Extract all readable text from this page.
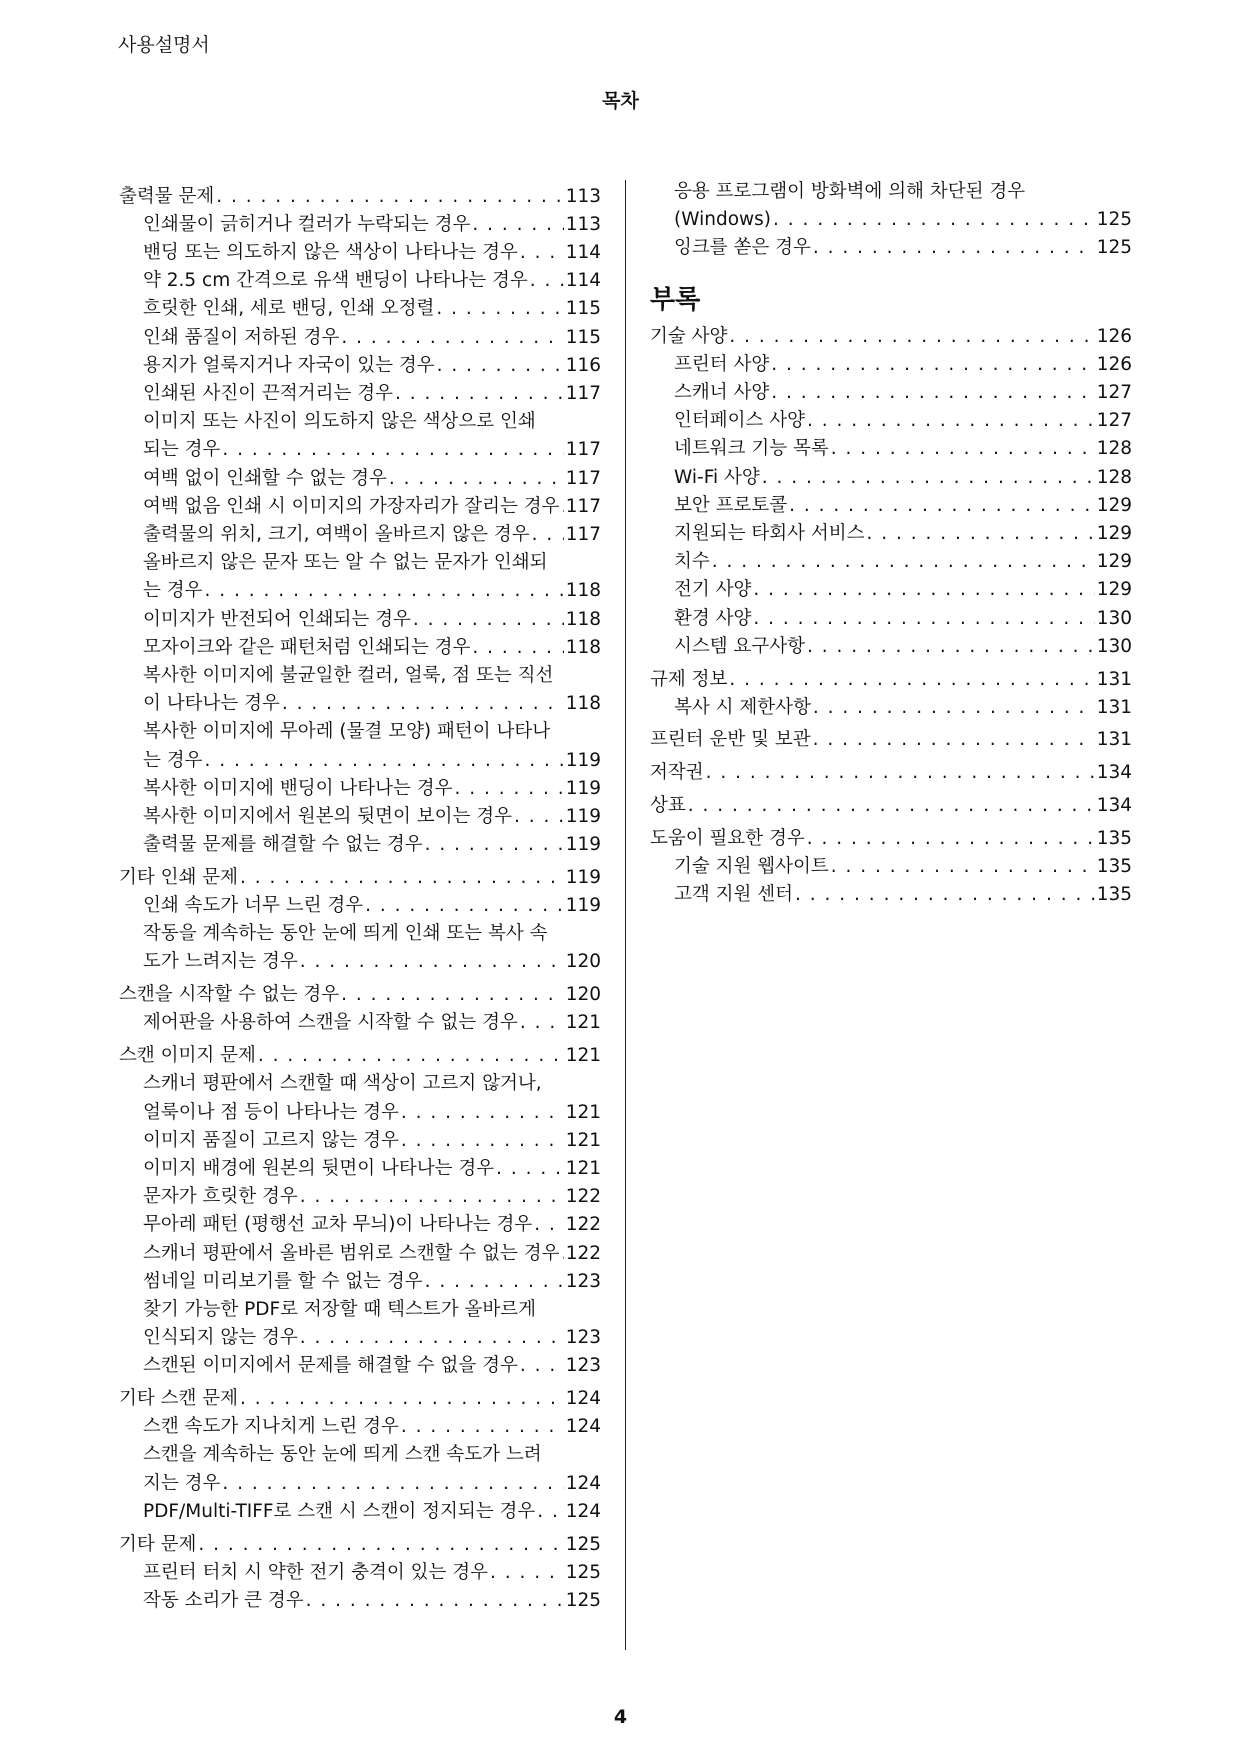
사용설명서
목차
출력물 문제 . . .	113
인쇄물이 긁히거나 컬러가 누락되는 경우 . . .	113
밴딩 또는 의도하지 않은 색상이 나타나는 경우 . . .	114
약 2.5 cm 간격으로 유색 밴딩이 나타나는 경우 . . . 114
흐릿한 인쇄, 세로 밴딩, 인쇄 오정렬 . . .	115
인쇄 품질이 저하된 경우 . . .	115
용지가 얼룩지거나 자국이 있는 경우 . . .	116
인쇄된 사진이 끈적거리는 경우 . . .	117
이미지 또는 사진이 의도하지 않은 색상으로 인쇄
되는 경우 . . .	117
여백 없이 인쇄할 수 없는 경우 . . .	117
여백 없음 인쇄 시 이미지의 가장자리가 잘리는 경우 . . . 117
출력물의 위치, 크기, 여백이 올바르지 않은 경우 . . . 117
올바르지 않은 문자 또는 알 수 없는 문자가 인쇄되
는 경우 . . .	118
이미지가 반전되어 인쇄되는 경우 . . .	118
모자이크와 같은 패턴처럼 인쇄되는 경우 . . .	118
복사한 이미지에 불균일한 컬러, 얼룩, 점 또는 직선
이 나타나는 경우 . . .	118
복사한 이미지에 무아레 (물결 모양) 패턴이 나타나
는 경우 . . .	119
복사한 이미지에 밴딩이 나타나는 경우 . . .	119
복사한 이미지에서 원본의 뒷면이 보이는 경우 . . .	119
출력물 문제를 해결할 수 없는 경우 . . .	119
기타 인쇄 문제 . . .	119
인쇄 속도가 너무 느린 경우 . . .	119
작동을 계속하는 동안 눈에 띄게 인쇄 또는 복사 속
도가 느려지는 경우 . . .	120
스캔을 시작할 수 없는 경우 . . .	120
제어판을 사용하여 스캔을 시작할 수 없는 경우 . . .	121
스캔 이미지 문제 . . .	121
스캐너 평판에서 스캔할 때 색상이 고르지 않거나,
얼룩이나 점 등이 나타나는 경우 . . .	121
이미지 품질이 고르지 않는 경우 . . .	121
이미지 배경에 원본의 뒷면이 나타나는 경우 . . .	121
문자가 흐릿한 경우 . . .	122
무아레 패턴 (평행선 교차 무늬)이 나타나는 경우 . . . 122
스캐너 평판에서 올바른 범위로 스캔할 수 없는 경우 . . . 122
썸네일 미리보기를 할 수 없는 경우 . . .	123
찾기 가능한 PDF로 저장할 때 텍스트가 올바르게
인식되지 않는 경우 . . .	123
스캔된 이미지에서 문제를 해결할 수 없을 경우 . . .	123
기타 스캔 문제 . . .	124
스캔 속도가 지나치게 느린 경우 . . .	124
스캔을 계속하는 동안 눈에 띄게 스캔 속도가 느려
지는 경우 . . .	124
PDF/Multi-TIFF로 스캔 시 스캔이 정지되는 경우 . . . 124
기타 문제 . . .	125
프린터 터치 시 약한 전기 충격이 있는 경우 . . .	125
작동 소리가 큰 경우 . . .	125
응용 프로그램이 방화벽에 의해 차단된 경우
(Windows) . . .	125
잉크를 쏟은 경우 . . .	125
부록
기술 사양 . . .	126
프린터 사양 . . .	126
스캐너 사양 . . .	127
인터페이스 사양 . . .	127
네트워크 기능 목록 . . .	128
Wi-Fi 사양 . . .	128
보안 프로토콜 . . .	129
지원되는 타회사 서비스 . . .	129
치수 . . .	129
전기 사양 . . .	129
환경 사양 . . .	130
시스템 요구사항 . . .	130
규제 정보 . . .	131
복사 시 제한사항 . . .	131
프린터 운반 및 보관 . . .	131
저작권 . . .	134
상표 . . .	134
도움이 필요한 경우 . . .	135
기술 지원 웹사이트 . . .	135
고객 지원 센터 . . .	135
4
